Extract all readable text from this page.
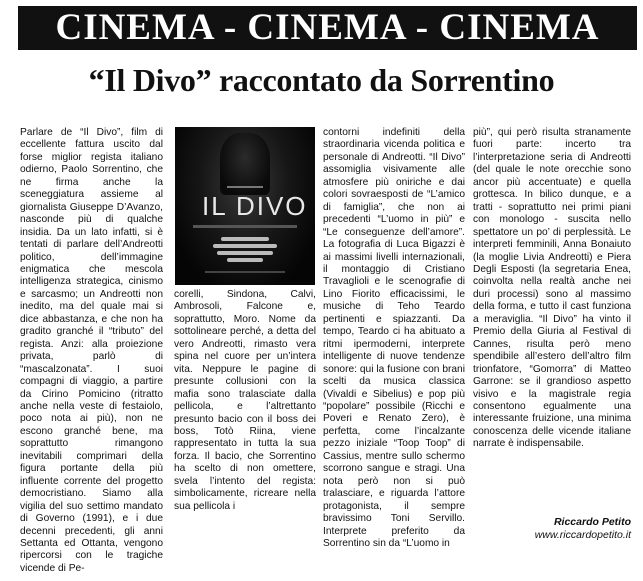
CINEMA - CINEMA - CINEMA
“Il Divo” raccontato da Sorrentino
Parlare de “Il Divo”, film di eccellente fattura uscito dal forse miglior regista italiano odierno, Paolo Sorrentino, che ne firma anche la sceneggiatura assieme al giornalista Giuseppe D’Avanzo, nasconde più di qualche insidia. Da un lato infatti, si è tentati di parlare dell’Andreotti politico, dell’immagine enigmatica che mescola intelligenza strategica, cinismo e sarcasmo; un Andreotti non inedito, ma del quale mai si dice abbastanza, e che non ha gradito granché il “tributo” del regista. Anzi: alla proiezione privata, parlò di “mascalzonata”. I suoi compagni di viaggio, a partire da Cirino Pomicino (ritratto anche nella veste di festaiolo, poco nota ai più), non ne escono granché bene, ma soprattutto rimangono inevitabili comprimari della figura portante della più influente corrente del progetto democristiano. Siamo alla vigilia del suo settimo mandato di Governo (1991), e i due decenni precedenti, gli anni Settanta ed Ottanta, vengono ripercorsi con le tragiche vicende di Pe-
IL DIVO
corelli, Sindona, Calvi, Ambrosoli, Falcone e, soprattutto, Moro. Nome da sottolineare perché, a detta del vero Andreotti, rimasto vera spina nel cuore per un’intera vita. Neppure le pagine di presunte collusioni con la mafia sono tralasciate dalla pellicola, e l’altrettanto presunto bacio con il boss dei boss, Totò Riina, viene rappresentato in tutta la sua forza. Il bacio, che Sorrentino ha scelto di non omettere, svela l’intento del regista: simbolicamente, ricreare nella sua pellicola i
contorni indefiniti della straordinaria vicenda politica e personale di Andreotti. “Il Divo” assomiglia visivamente alle atmosfere più oniriche e dai colori sovraesposti de “L’amico di famiglia”, che non ai precedenti “L’uomo in più” e “Le conseguenze dell’amore”. La fotografia di Luca Bigazzi è ai massimi livelli internazionali, il montaggio di Cristiano Travaglioli e le scenografie di Lino Fiorito efficacissimi, le musiche di Teho Teardo pertinenti e spiazzanti. Da tempo, Teardo ci ha abituato a ritmi ipermoderni, interprete intelligente di nuove tendenze sonore: qui la fusione con brani scelti da musica classica (Vivaldi e Sibelius) e pop più “popolare” possibile (Ricchi e Poveri e Renato Zero), è perfetta, come l’incalzante pezzo iniziale “Toop Toop” di Cassius, mentre sullo schermo scorrono sangue e stragi. Una nota però non si può tralasciare, e riguarda l’attore protagonista, il sempre bravissimo Toni Servillo. Interprete preferito da Sorrentino sin da “L’uomo in
più”, qui però risulta stranamente fuori parte: incerto tra l’interpretazione seria di Andreotti (del quale le note orecchie sono ancor più accentuate) e quella grottesca. In bilico dunque, e a tratti - soprattutto nei primi piani con monologo - suscita nello spettatore un po’ di perplessità. Le interpreti femminili, Anna Bonaiuto (la moglie Livia Andreotti) e Piera Degli Esposti (la segretaria Enea, coinvolta nella realtà anche nei duri processi) sono al massimo della forma, e tutto il cast funziona a meraviglia. “Il Divo” ha vinto il Premio della Giuria al Festival di Cannes, risulta però meno spendibile all’estero dell’altro film trionfatore, “Gomorra” di Matteo Garrone: se il grandioso aspetto visivo e la magistrale regia consentono egualmente una interessante fruizione, una minima conoscenza delle vicende italiane narrate è indispensabile.
Riccardo Petito
www.riccardopetito.it
